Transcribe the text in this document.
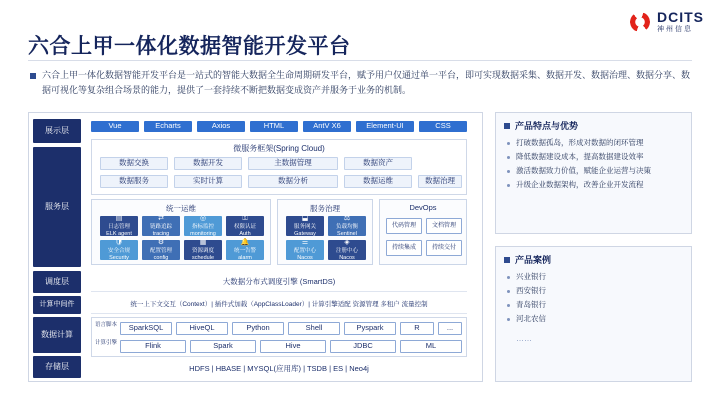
DCITS
神州信息
六合上甲一体化数据智能开发平台

六合上甲一体化数据智能开发平台是一站式的智能大数据全生命周期研发平台，赋予用户仅通过单一平台，即可实现数据采集、数据开发、数据治理、数据分享、数据可视化等复杂组合场景的能力，提供了一套持续不断把数据变成资产并服务于业务的机制。

展示层
服务层
调度层
计算中间件
数据计算
存储层
Vue	Echarts	Axios	HTML	AntV X6	Element-UI	CSS
微服务框架(Spring Cloud)
数据交换	数据开发	主数据管理	数据资产
数据服务	实时计算	数据分析	数据运维	数据治理
统一运维
▤
日志管理
ELK agent
⇄
链路追踪
tracing
◎
指标监控
monitoring
⚿
权限认证
Auth
🛡
安全合规
Security
⚙
配置管理
config
▦
资源调度
schedule
🔔
统一告警
alarm
服务治理
⬓
服务网关
Gateway
⚖
负载均衡
Sentinel
☰
配置中心
Nacos
◈
注册中心
Nacos
DevOps
代码管理	文档管理
持续集成	持续交付
大数据分布式调度引擎 (SmartDS)
统一上下文交互（Context）| 插件式加载（AppClassLoader）| 计算引擎适配 资源管理 多租户 流量控制
语言脚本
计算引擎
SparkSQL	HiveQL	Python	Shell	Pyspark	R	...
Flink	Spark	Hive	JDBC	ML
HDFS | HBASE | MYSQL(应用库) | TSDB | ES | Neo4j
产品特点与优势
打破数据孤岛，形成对数据的闭环管理
降低数据建设成本，提高数据建设效率
激活数据致力价值，赋能企业运营与决策
升级企业数据架构，改善企业开发流程
产品案例
兴业银行
西安银行
青岛银行
河北农信
……
